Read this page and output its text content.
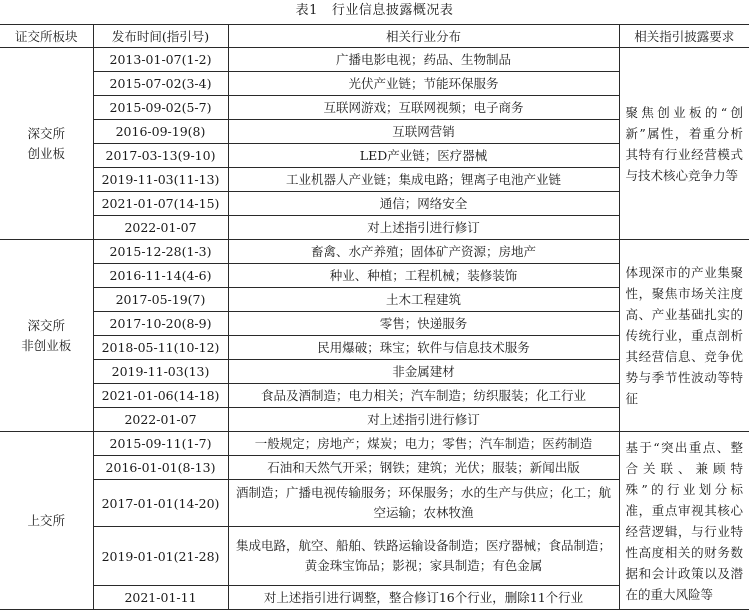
表1 行业信息披露概况表
证交所板块	发布时间(指引号)	相关行业分布	相关指引披露要求
深交所
创业板	2013-01-07(1-2)	广播电影电视；药品、生物制品	聚焦创业板的“创新”属性，着重分析其特有行业经营模式与技术核心竞争力等
	2015-07-02(3-4)	光伏产业链；节能环保服务	
	2015-09-02(5-7)	互联网游戏；互联网视频；电子商务	
	2016-09-19(8)	互联网营销	
	2017-03-13(9-10)	LED产业链；医疗器械	
	2019-11-03(11-13)	工业机器人产业链；集成电路；锂离子电池产业链	
	2021-01-07(14-15)	通信；网络安全	
	2022-01-07	对上述指引进行修订	
深交所
非创业板	2015-12-28(1-3)	畜禽、水产养殖；固体矿产资源；房地产	体现深市的产业集聚性，聚焦市场关注度高、产业基础扎实的传统行业，重点剖析其经营信息、竞争优势与季节性波动等特征
	2016-11-14(4-6)	种业、种植；工程机械；装修装饰	
	2017-05-19(7)	土木工程建筑	
	2017-10-20(8-9)	零售；快递服务	
	2018-05-11(10-12)	民用爆破；珠宝；软件与信息技术服务	
	2019-11-03(13)	非金属建材	
	2021-01-06(14-18)	食品及酒制造；电力相关；汽车制造；纺织服装；化工行业	
	2022-01-07	对上述指引进行修订	
上交所	2015-09-11(1-7)	一般规定；房地产；煤炭；电力；零售；汽车制造；医药制造	基于“突出重点、整合关联、兼顾特殊”的行业划分标准，重点审视其核心经营逻辑，与行业特性高度相关的财务数据和会计政策以及潜在的重大风险等
	2016-01-01(8-13)	石油和天然气开采；钢铁；建筑；光伏；服装；新闻出版	
	2017-01-01(14-20)	酒制造；广播电视传输服务；环保服务；水的生产与供应；化工；航空运输；农林牧渔	
	2019-01-01(21-28)	集成电路，航空、船舶、铁路运输设备制造；医疗器械；食品制造；黄金珠宝饰品；影视；家具制造；有色金属	
	2021-01-11	对上述指引进行调整，整合修订16个行业，删除11个行业	
